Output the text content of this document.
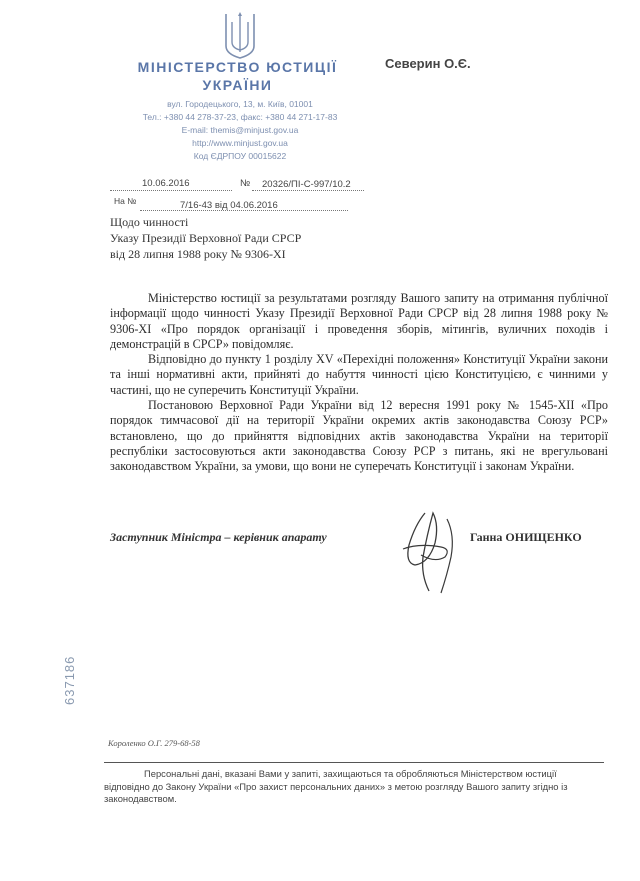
МІНІСТЕРСТВО ЮСТИЦІЇ
УКРАЇНИ
вул. Городецького, 13, м. Київ, 01001
Тел.: +380 44 278-37-23, факс: +380 44 271-17-83
E-mail: themis@minjust.gov.ua
http://www.minjust.gov.ua
Код ЄДРПОУ 00015622
Северин О.Є.
10.06.2016	№ 20326/ПІ-С-997/10.2
На №	7/16-43 від 04.06.2016
Щодо чинності
Указу Президії Верховної Ради СРСР
від 28 липня 1988 року № 9306-ХІ

Міністерство юстиції за результатами розгляду Вашого запиту на отримання публічної інформації щодо чинності Указу Президії Верховної Ради СРСР від 28 липня 1988 року № 9306-ХІ «Про порядок організації і проведення зборів, мітингів, вуличних походів і демонстрацій в СРСР» повідомляє.

Відповідно до пункту 1 розділу XV «Перехідні положення» Конституції України закони та інші нормативні акти, прийняті до набуття чинності цією Конституцією, є чинними у частині, що не суперечить Конституції України.

Постановою Верховної Ради України від 12 вересня 1991 року № 1545-ХІІ «Про порядок тимчасової дії на території України окремих актів законодавства Союзу РСР» встановлено, що до прийняття відповідних актів законодавства України на території республіки застосовуються акти законодавства Союзу РСР з питань, які не врегульовані законодавством України, за умови, що вони не суперечать Конституції і законам України.

Заступник Міністра – керівник апарату	Ганна ОНИЩЕНКО
637186
Короленко О.Г. 279-68-58
Персональні дані, вказані Вами у запиті, захищаються та обробляються Міністерством юстиції
відповідно до Закону України «Про захист персональних даних» з метою розгляду Вашого запиту згідно із
законодавством.
